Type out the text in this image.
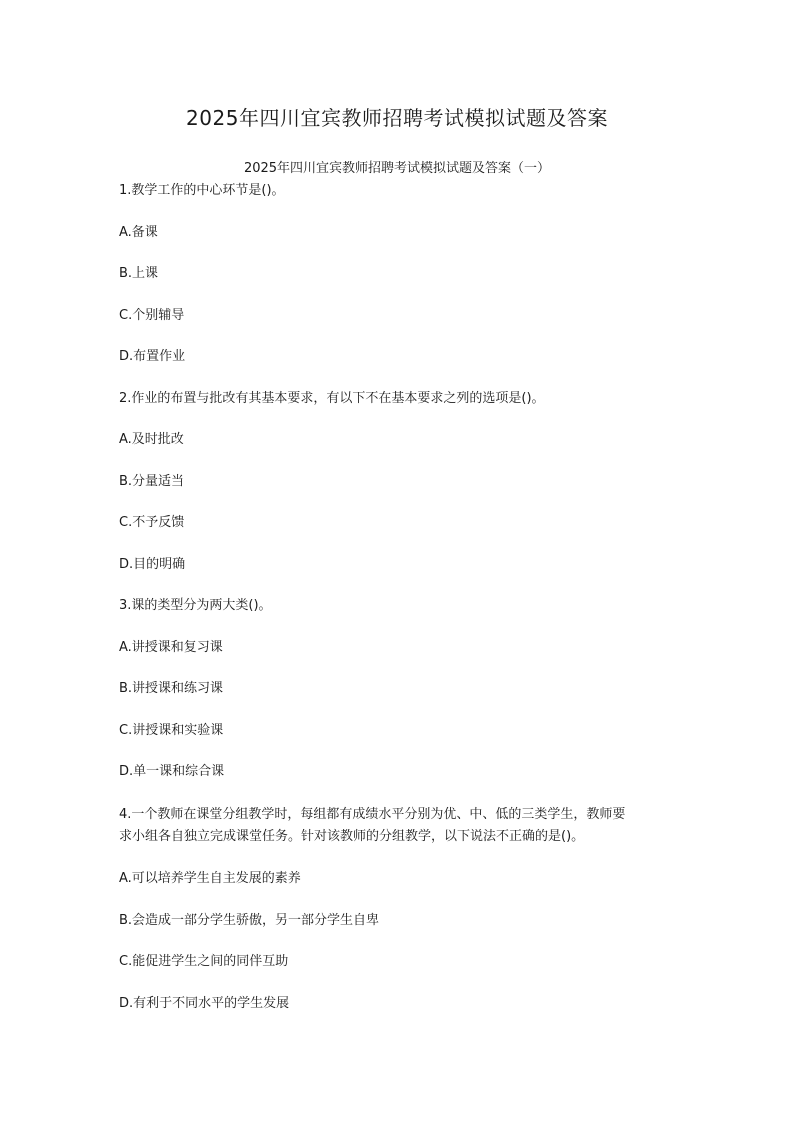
2025年四川宜宾教师招聘考试模拟试题及答案
2025年四川宜宾教师招聘考试模拟试题及答案（一）

1.教学工作的中心环节是()。

A.备课

B.上课

C.个别辅导

D.布置作业

2.作业的布置与批改有其基本要求，有以下不在基本要求之列的选项是()。

A.及时批改

B.分量适当

C.不予反馈

D.目的明确

3.课的类型分为两大类()。

A.讲授课和复习课

B.讲授课和练习课

C.讲授课和实验课

D.单一课和综合课

4.一个教师在课堂分组教学时，每组都有成绩水平分别为优、中、低的三类学生，教师要

求小组各自独立完成课堂任务。针对该教师的分组教学，以下说法不正确的是()。

A.可以培养学生自主发展的素养

B.会造成一部分学生骄傲，另一部分学生自卑

C.能促进学生之间的同伴互助

D.有利于不同水平的学生发展
